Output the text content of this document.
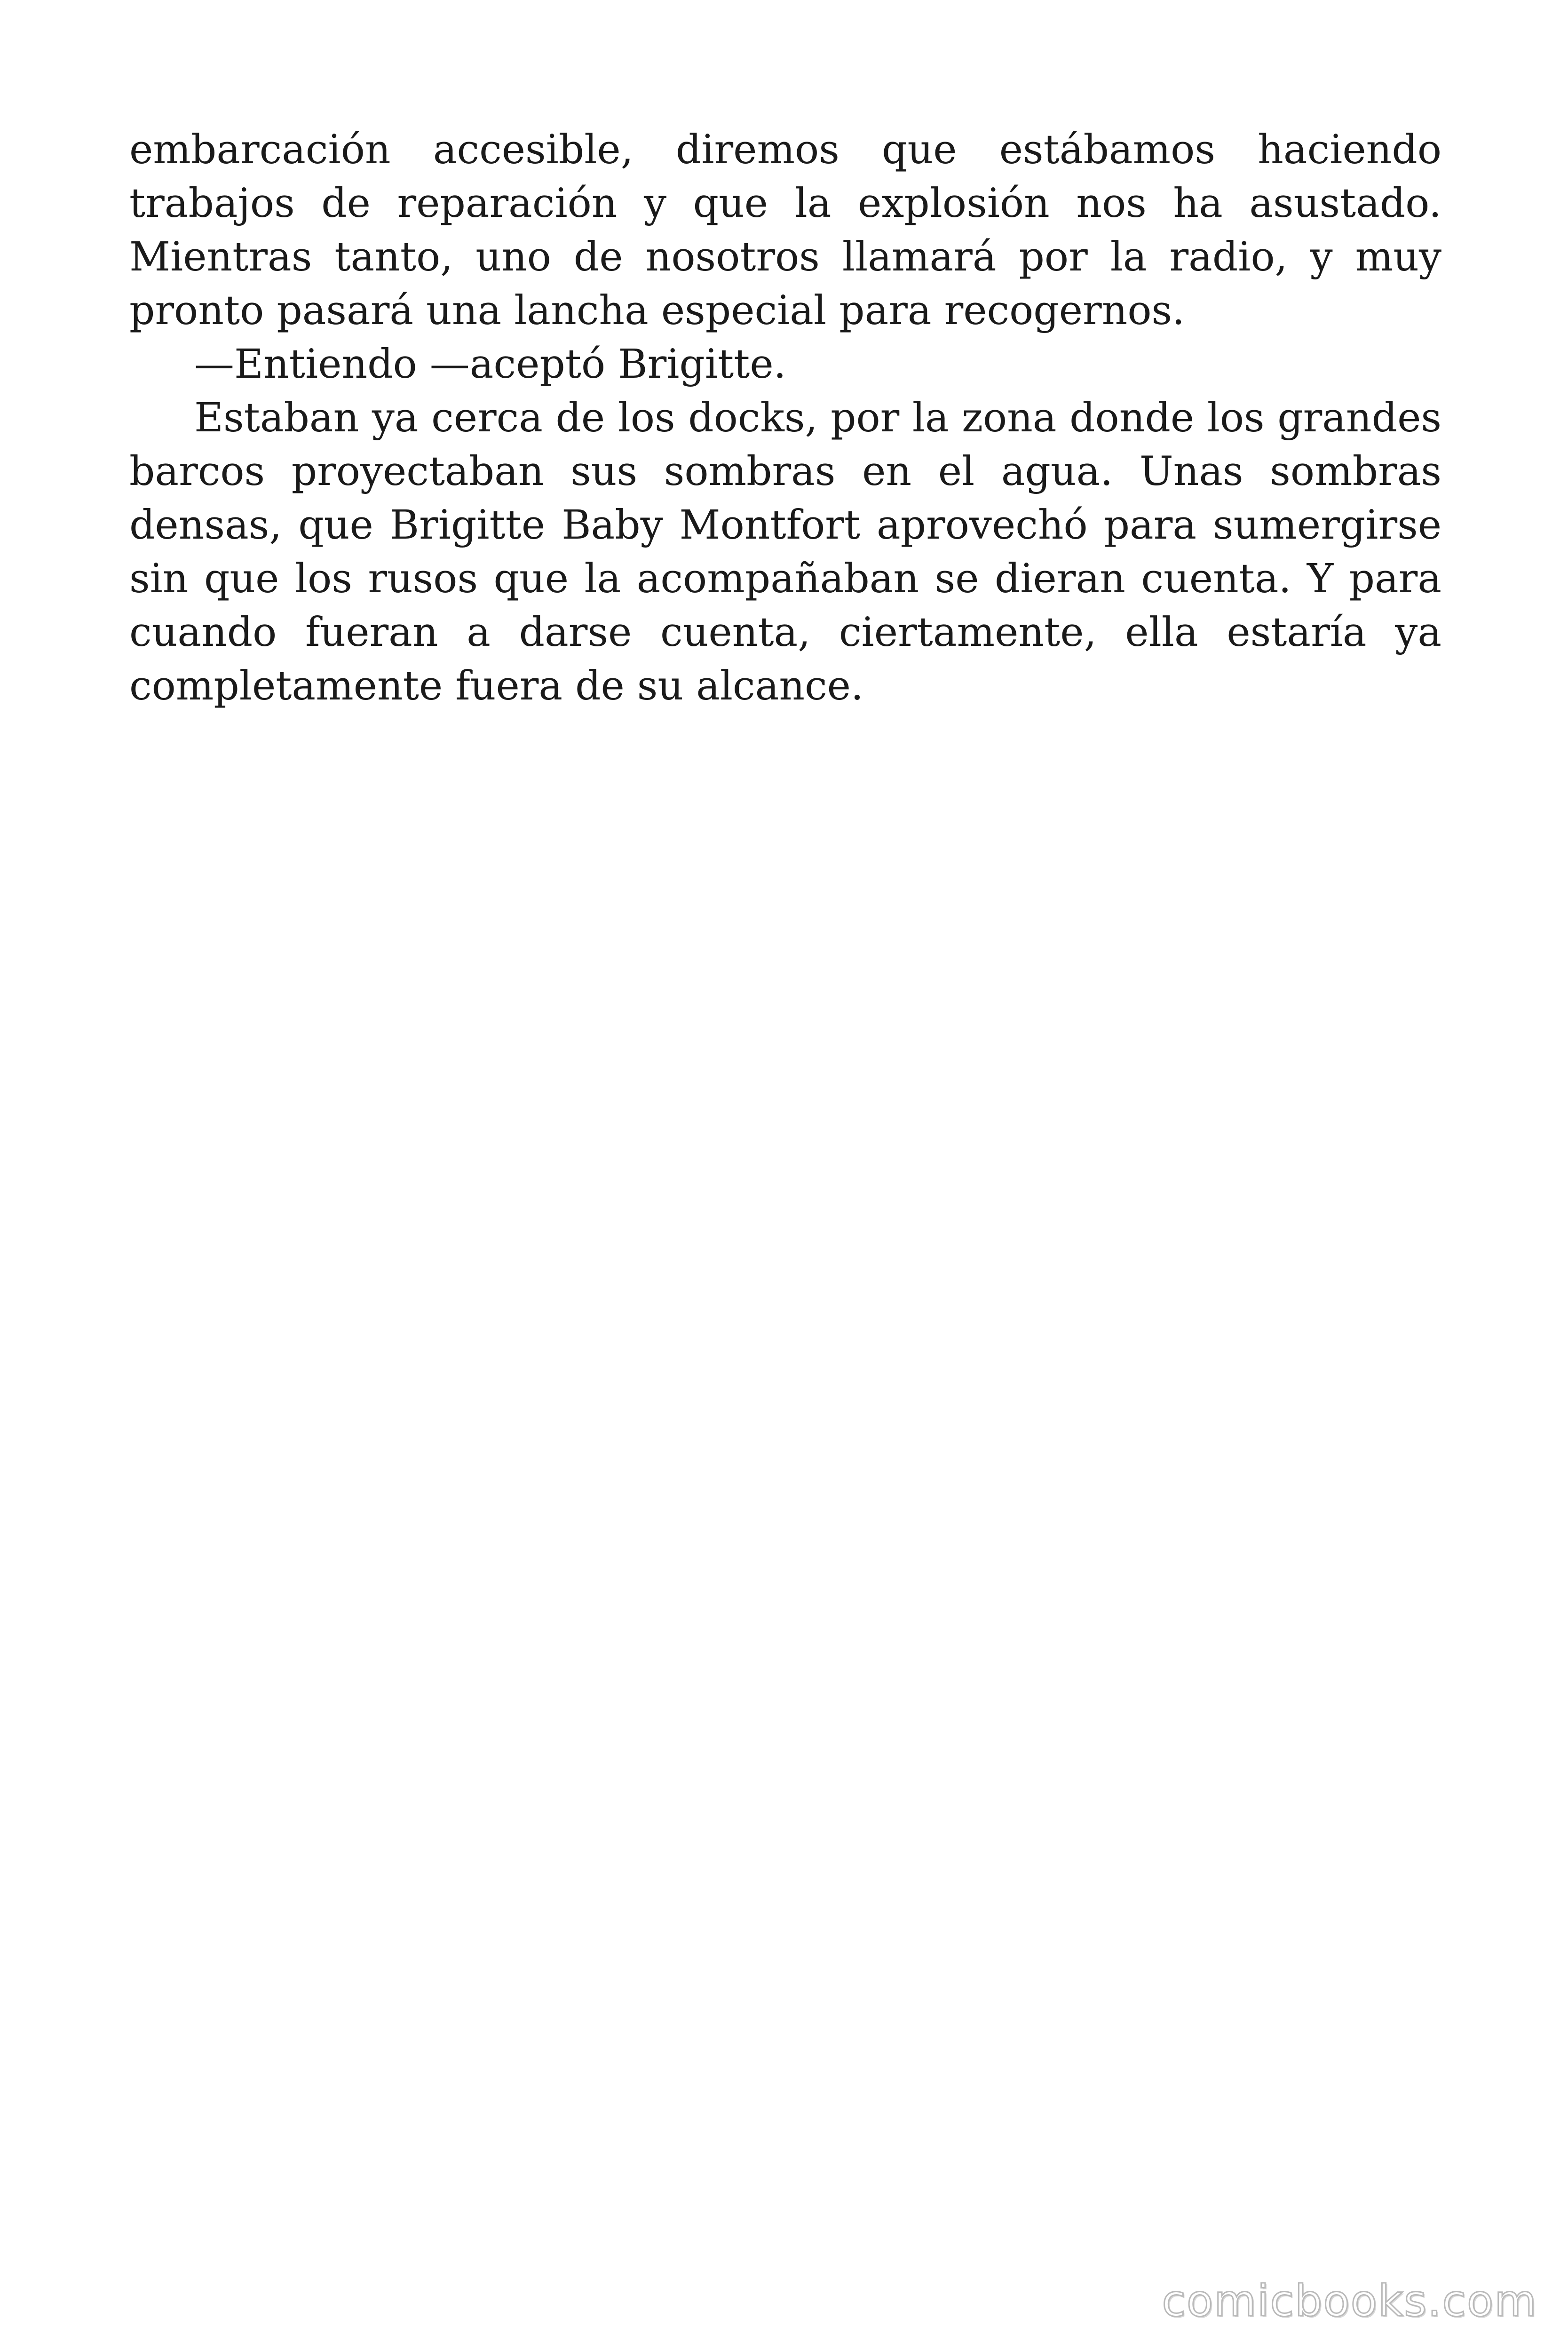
embarcación accesible, diremos que estábamos haciendo trabajos de reparación y que la explosión nos ha asustado. Mientras tanto, uno de nosotros llamará por la radio, y muy pronto pasará una lancha especial para recogernos.

—Entiendo —aceptó Brigitte.

Estaban ya cerca de los docks, por la zona donde los grandes barcos proyectaban sus sombras en el agua. Unas sombras densas, que Brigitte Baby Montfort aprovechó para sumergirse sin que los rusos que la acompañaban se dieran cuenta. Y para cuando fueran a darse cuenta, ciertamente, ella estaría ya completamente fuera de su alcance.

comicbooks.com
